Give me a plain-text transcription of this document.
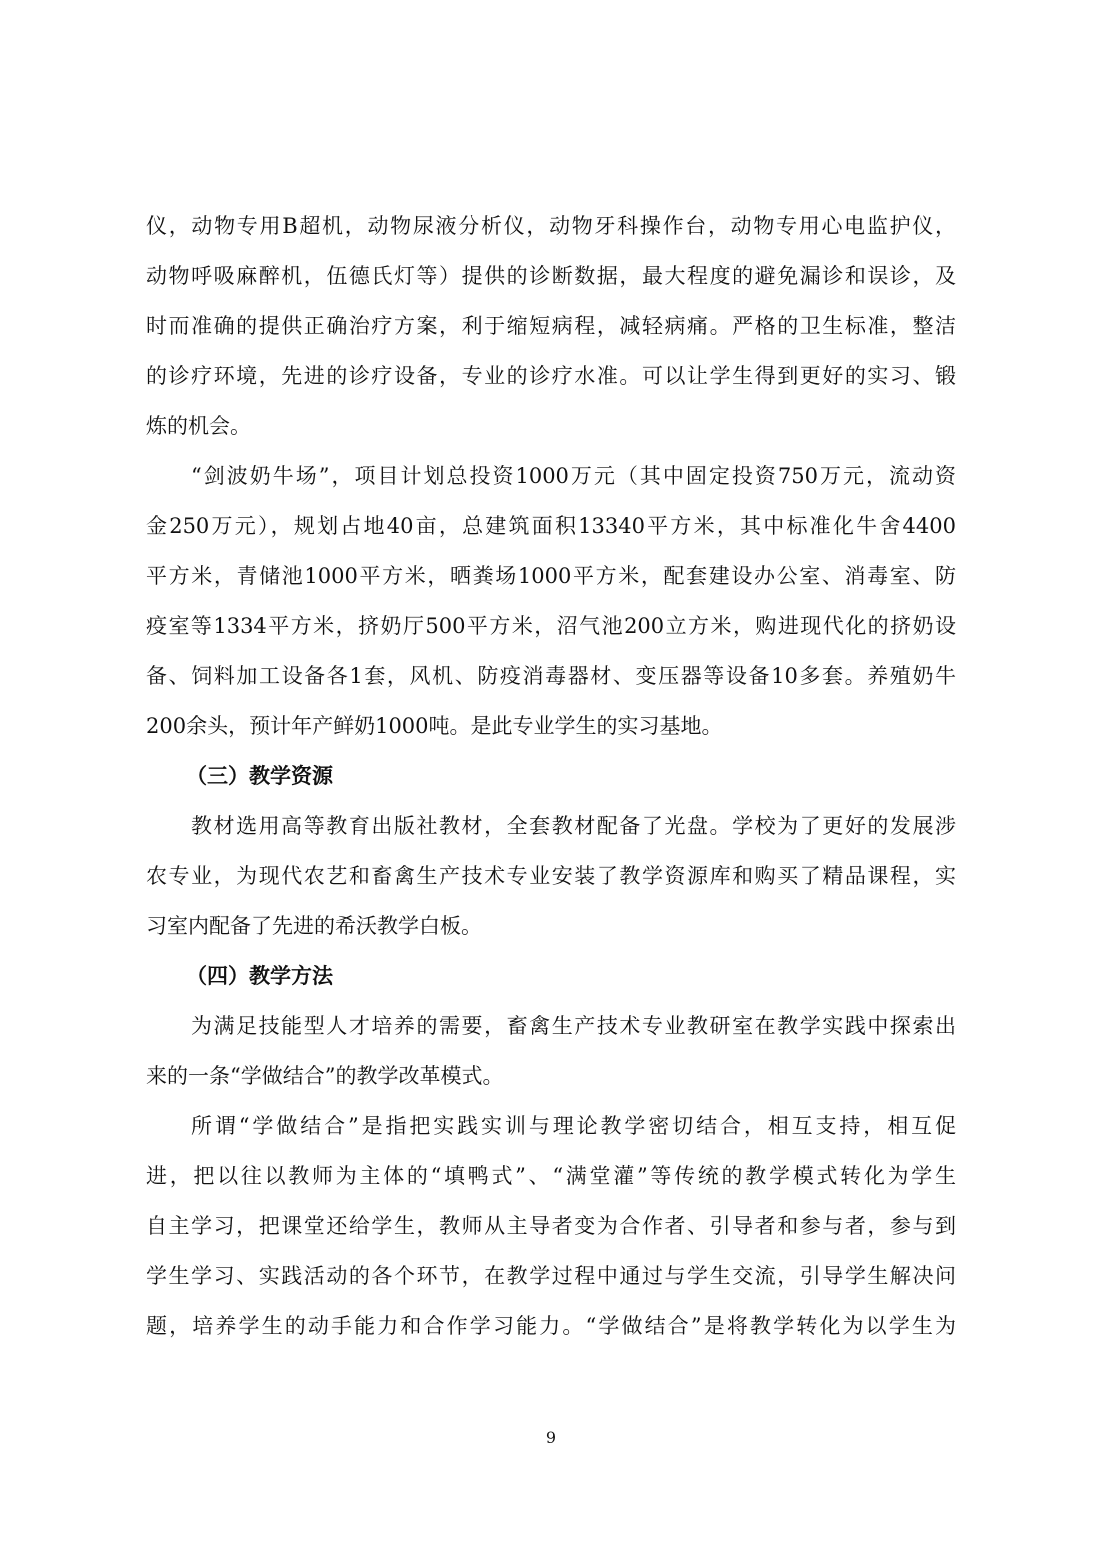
仪，动物专用B超机，动物尿液分析仪，动物牙科操作台，动物专用心电监护仪，
动物呼吸麻醉机，伍德氏灯等）提供的诊断数据，最大程度的避免漏诊和误诊，及
时而准确的提供正确治疗方案，利于缩短病程，减轻病痛。严格的卫生标准，整洁
的诊疗环境，先进的诊疗设备，专业的诊疗水准。可以让学生得到更好的实习、锻
炼的机会。
“剑波奶牛场”，项目计划总投资1000万元（其中固定投资750万元，流动资
金250万元），规划占地40亩，总建筑面积13340平方米，其中标准化牛舍4400
平方米，青储池1000平方米，晒粪场1000平方米，配套建设办公室、消毒室、防
疫室等1334平方米，挤奶厅500平方米，沼气池200立方米，购进现代化的挤奶设
备、饲料加工设备各1套，风机、防疫消毒器材、变压器等设备10多套。养殖奶牛
200余头，预计年产鲜奶1000吨。是此专业学生的实习基地。
（三）教学资源
教材选用高等教育出版社教材，全套教材配备了光盘。学校为了更好的发展涉
农专业，为现代农艺和畜禽生产技术专业安装了教学资源库和购买了精品课程，实
习室内配备了先进的希沃教学白板。
（四）教学方法
为满足技能型人才培养的需要，畜禽生产技术专业教研室在教学实践中探索出
来的一条“学做结合”的教学改革模式。
所谓“学做结合”是指把实践实训与理论教学密切结合，相互支持，相互促
进，把以往以教师为主体的“填鸭式”、“满堂灌”等传统的教学模式转化为学生
自主学习，把课堂还给学生，教师从主导者变为合作者、引导者和参与者，参与到
学生学习、实践活动的各个环节，在教学过程中通过与学生交流，引导学生解决问
题，培养学生的动手能力和合作学习能力。“学做结合”是将教学转化为以学生为
9
